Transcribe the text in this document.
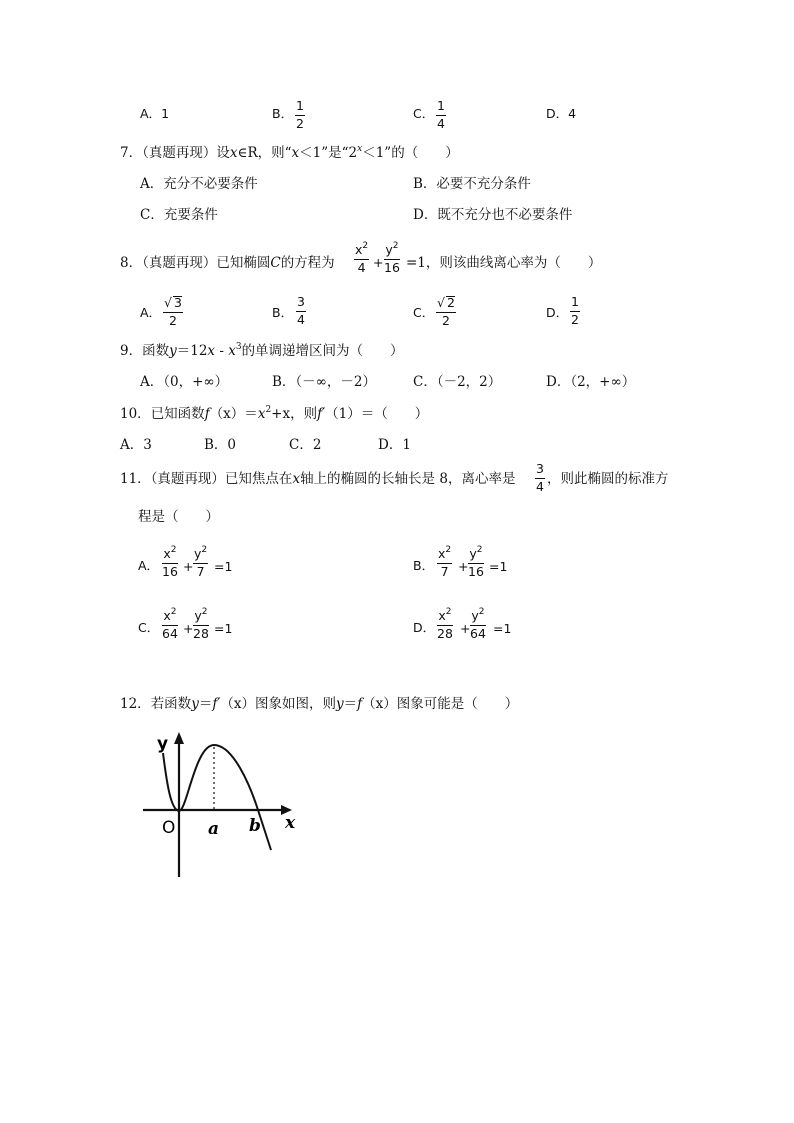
A．1	B． $\frac{1}{2}$	C． $\frac{1}{4}$	D．4
7．（真题再现）设x∈R，则“x＜1”是“$2^x<1$”的（　　）
A．充分不必要条件	B．必要不充分条件
C．充要条件	D．既不充分也不必要条件
8．（真题再现）已知椭圆C的方程为 $\frac{x^2}{4} + \frac{y^2}{16} =1$，则该曲线离心率为（　　）
A． $\frac{√ 3}{2}$	B． $\frac{3}{4}$	C． $\frac{√ 2}{2}$	D． $\frac{1}{2}$
9．函数$y=12x - x^3$的单调递增区间为（　　）
A．（0，+∞）	B．（－∞，－2）	C．（－2，2）	D．（2，+∞）
10．已知函数$f(x)=x^2+x$，则f′（1）＝（　　）
A．3	B．0	C．2	D．1
11．（真题再现）已知焦点在x轴上的椭圆的长轴长是 8，离心率是 $\frac{3}{4}$ ，则此椭圆的标准方
程是（　　）
A． $\frac{x^2}{16} + \frac{y^2}{7} =1$	B． $\frac{x^2}{7} + \frac{y^2}{16} =1$
C． $\frac{x^2}{64} + \frac{y^2}{28} =1$	D． $\frac{x^2}{28} + \frac{y^2}{64} =1$
12．若函数y＝f′（x）图象如图，则y＝f（x）图象可能是（　　）
y
x
O a b
